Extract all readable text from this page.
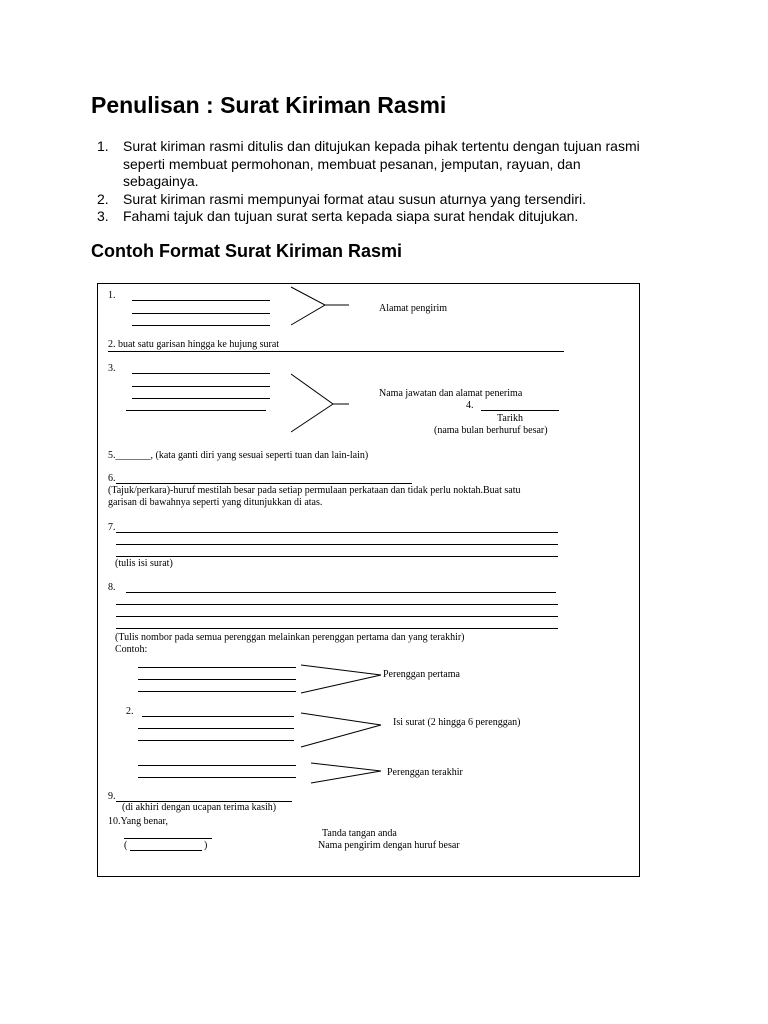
Penulisan : Surat Kiriman Rasmi
1. Surat kiriman rasmi ditulis dan ditujukan kepada pihak tertentu dengan tujuan rasmi seperti membuat permohonan, membuat pesanan, jemputan, rayuan, dan sebagainya.
2. Surat kiriman rasmi mempunyai format atau susun aturnya yang tersendiri.
3. Fahami tajuk dan tujuan surat serta kepada siapa surat hendak ditujukan.
Contoh Format Surat Kiriman Rasmi
1.
Alamat pengirim
2. buat satu garisan hingga ke hujung surat
3.
Nama jawatan dan alamat penerima
4.
Tarikh
(nama bulan berhuruf besar)
5._______, (kata ganti diri yang sesuai seperti tuan dan lain-lain)
6.
(Tajuk/perkara)-huruf mestilah besar pada setiap permulaan perkataan dan tidak perlu noktah.Buat satu
garisan di bawahnya seperti yang ditunjukkan di atas.
7.
(tulis isi surat)
8.
(Tulis nombor pada semua perenggan melainkan perenggan pertama dan yang terakhir)
Contoh:
Perenggan pertama
2.
Isi surat (2 hingga 6 perenggan)
Perenggan terakhir
9.
(di akhiri dengan ucapan terima kasih)
10.Yang benar,
Tanda tangan anda
(	)	Nama pengirim dengan huruf besar
